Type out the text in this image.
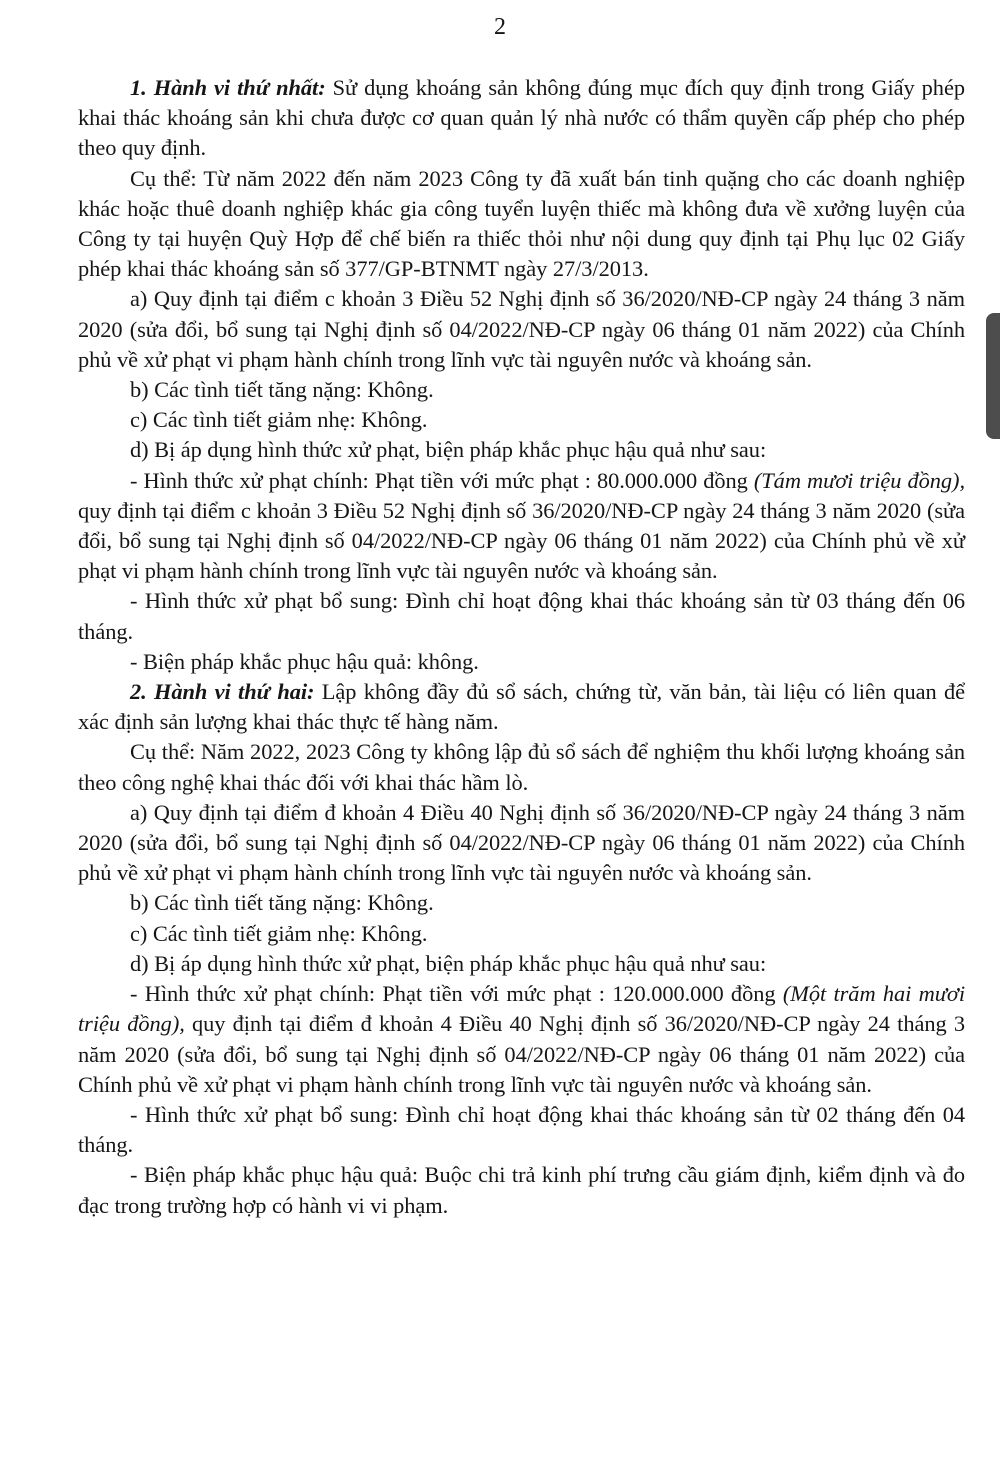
2

1. Hành vi thứ nhất: Sử dụng khoáng sản không đúng mục đích quy định trong Giấy phép khai thác khoáng sản khi chưa được cơ quan quản lý nhà nước có thẩm quyền cấp phép cho phép theo quy định.

Cụ thể: Từ năm 2022 đến năm 2023 Công ty đã xuất bán tinh quặng cho các doanh nghiệp khác hoặc thuê doanh nghiệp khác gia công tuyển luyện thiếc mà không đưa về xưởng luyện của Công ty tại huyện Quỳ Hợp để chế biến ra thiếc thỏi như nội dung quy định tại Phụ lục 02 Giấy phép khai thác khoáng sản số 377/GP-BTNMT ngày 27/3/2013.

a) Quy định tại điểm c khoản 3 Điều 52 Nghị định số 36/2020/NĐ-CP ngày 24 tháng 3 năm 2020 (sửa đổi, bổ sung tại Nghị định số 04/2022/NĐ-CP ngày 06 tháng 01 năm 2022) của Chính phủ về xử phạt vi phạm hành chính trong lĩnh vực tài nguyên nước và khoáng sản.

b) Các tình tiết tăng nặng: Không.

c) Các tình tiết giảm nhẹ: Không.

d) Bị áp dụng hình thức xử phạt, biện pháp khắc phục hậu quả như sau:

- Hình thức xử phạt chính: Phạt tiền với mức phạt : 80.000.000 đồng (Tám mươi triệu đồng), quy định tại điểm c khoản 3 Điều 52 Nghị định số 36/2020/NĐ-CP ngày 24 tháng 3 năm 2020 (sửa đổi, bổ sung tại Nghị định số 04/2022/NĐ-CP ngày 06 tháng 01 năm 2022) của Chính phủ về xử phạt vi phạm hành chính trong lĩnh vực tài nguyên nước và khoáng sản.

- Hình thức xử phạt bổ sung: Đình chỉ hoạt động khai thác khoáng sản từ 03 tháng đến 06 tháng.

- Biện pháp khắc phục hậu quả: không.

2. Hành vi thứ hai: Lập không đầy đủ sổ sách, chứng từ, văn bản, tài liệu có liên quan để xác định sản lượng khai thác thực tế hàng năm.

Cụ thể: Năm 2022, 2023 Công ty không lập đủ sổ sách để nghiệm thu khối lượng khoáng sản theo công nghệ khai thác đối với khai thác hầm lò.

a) Quy định tại điểm đ khoản 4 Điều 40 Nghị định số 36/2020/NĐ-CP ngày 24 tháng 3 năm 2020 (sửa đổi, bổ sung tại Nghị định số 04/2022/NĐ-CP ngày 06 tháng 01 năm 2022) của Chính phủ về xử phạt vi phạm hành chính trong lĩnh vực tài nguyên nước và khoáng sản.

b) Các tình tiết tăng nặng: Không.

c) Các tình tiết giảm nhẹ: Không.

d) Bị áp dụng hình thức xử phạt, biện pháp khắc phục hậu quả như sau:

- Hình thức xử phạt chính: Phạt tiền với mức phạt : 120.000.000 đồng (Một trăm hai mươi triệu đồng), quy định tại điểm đ khoản 4 Điều 40 Nghị định số 36/2020/NĐ-CP ngày 24 tháng 3 năm 2020 (sửa đổi, bổ sung tại Nghị định số 04/2022/NĐ-CP ngày 06 tháng 01 năm 2022) của Chính phủ về xử phạt vi phạm hành chính trong lĩnh vực tài nguyên nước và khoáng sản.

- Hình thức xử phạt bổ sung: Đình chỉ hoạt động khai thác khoáng sản từ 02 tháng đến 04 tháng.

- Biện pháp khắc phục hậu quả: Buộc chi trả kinh phí trưng cầu giám định, kiểm định và đo đạc trong trường hợp có hành vi vi phạm.
